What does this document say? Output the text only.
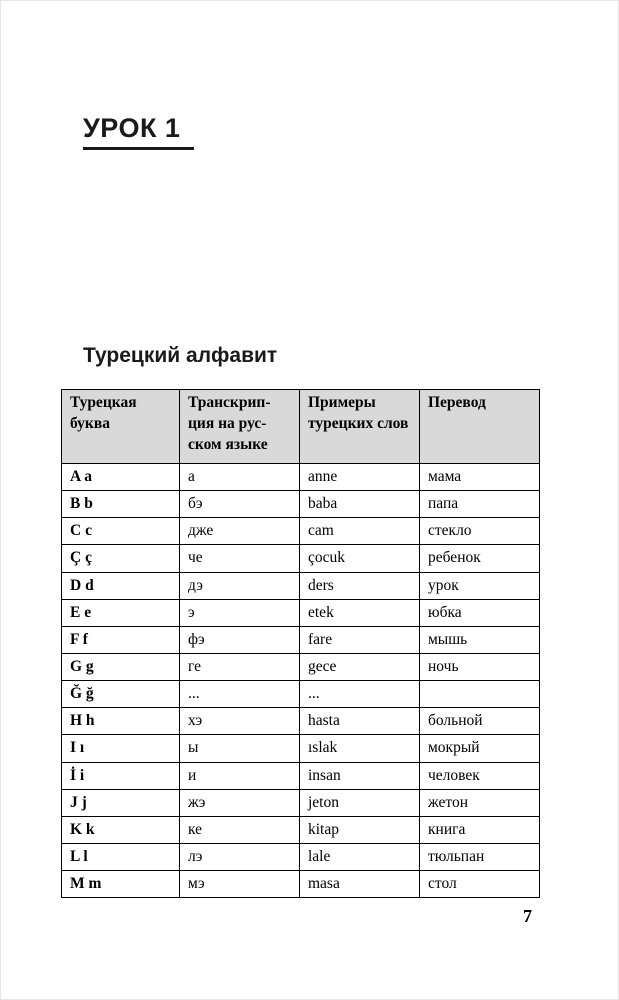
УРОК 1
Турецкий алфавит
Турецкая буква	Транскрип-ция на рус-ском языке	Примеры турецких слов	Перевод
A a	а	anne	мама
B b	бэ	baba	папа
C c	дже	cam	стекло
Ç ç	че	çocuk	ребенок
D d	дэ	ders	урок
E e	э	etek	юбка
F f	фэ	fare	мышь
G g	ге	gece	ночь
Ğ ğ	...	...	
H h	хэ	hasta	больной
I ı	ы	ıslak	мокрый
İ i	и	insan	человек
J j	жэ	jeton	жетон
K k	ке	kitap	книга
L l	лэ	lale	тюльпан
M m	мэ	masa	стол
7
